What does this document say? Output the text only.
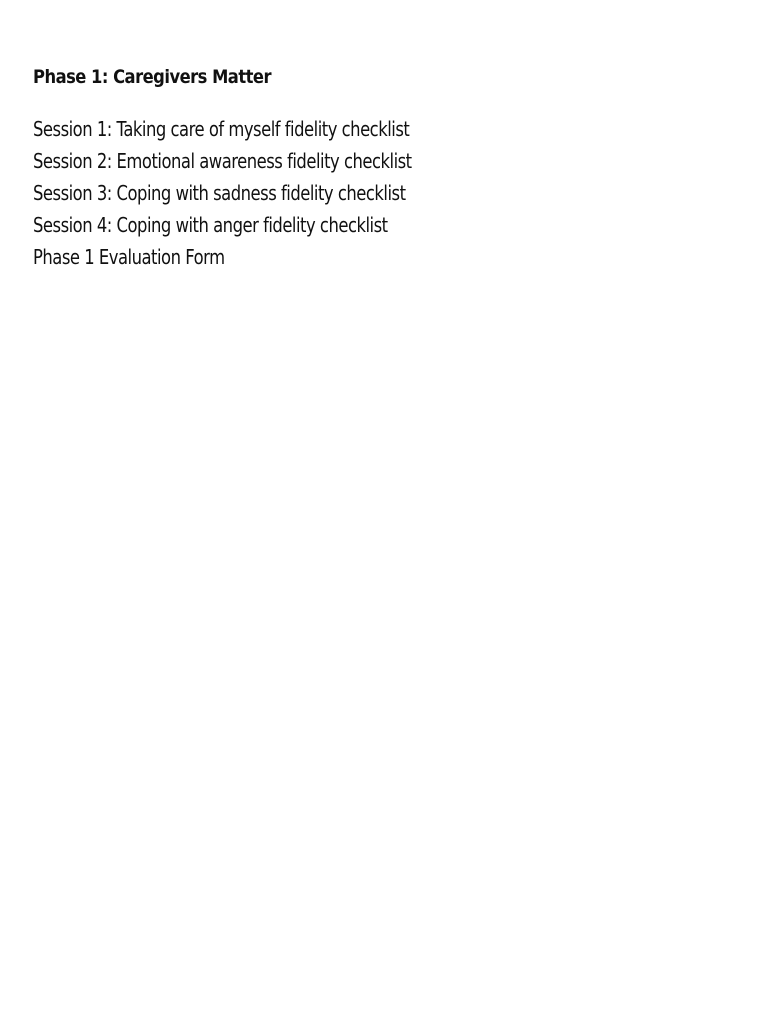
Phase 1: Caregivers Matter
Session 1: Taking care of myself fidelity checklist
Session 2: Emotional awareness fidelity checklist
Session 3: Coping with sadness fidelity checklist
Session 4: Coping with anger fidelity checklist
Phase 1 Evaluation Form
